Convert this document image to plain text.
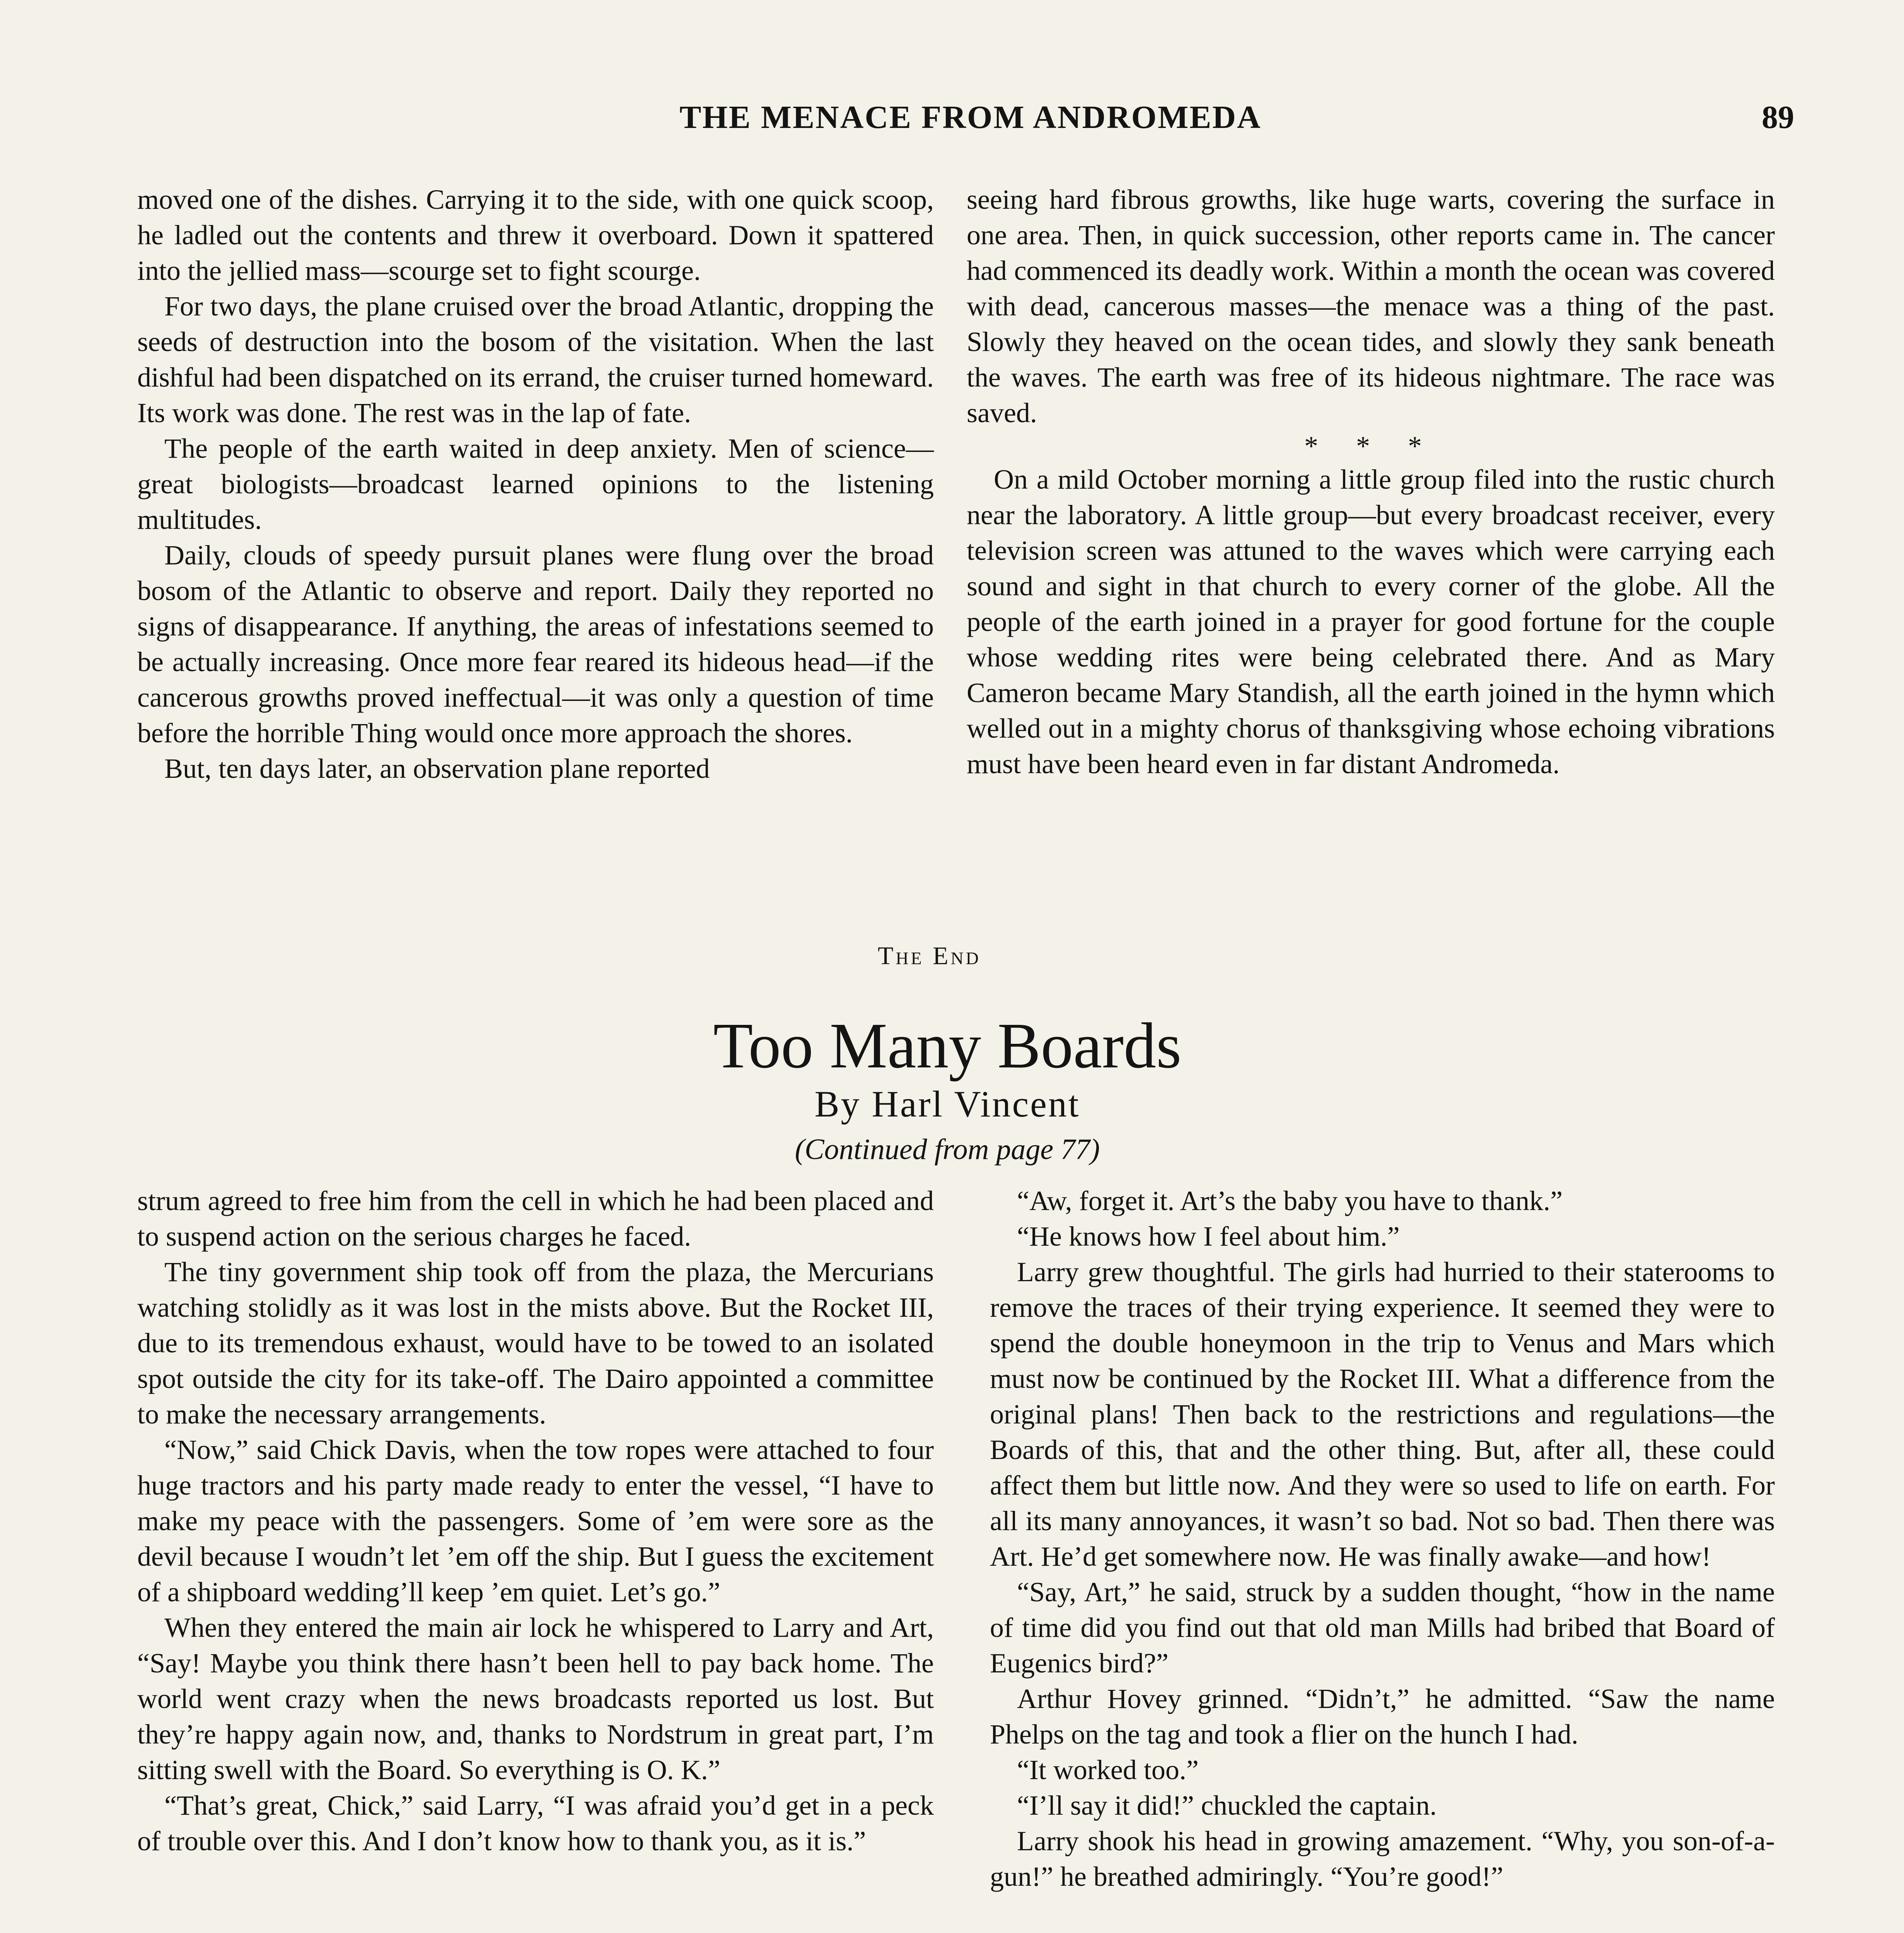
THE MENACE FROM ANDROMEDA	89

moved one of the dishes. Carrying it to the side, with one quick scoop, he ladled out the contents and threw it overboard. Down it spattered into the jellied mass—scourge set to fight scourge.

For two days, the plane cruised over the broad Atlantic, dropping the seeds of destruction into the bosom of the visitation. When the last dishful had been dispatched on its errand, the cruiser turned homeward. Its work was done. The rest was in the lap of fate.

The people of the earth waited in deep anxiety. Men of science—great biologists—broadcast learned opinions to the listening multitudes.

Daily, clouds of speedy pursuit planes were flung over the broad bosom of the Atlantic to observe and report. Daily they reported no signs of disappearance. If anything, the areas of infestations seemed to be actually increasing. Once more fear reared its hideous head—if the cancerous growths proved ineffectual—it was only a question of time before the horrible Thing would once more approach the shores.

But, ten days later, an observation plane reported

seeing hard fibrous growths, like huge warts, covering the surface in one area. Then, in quick succession, other reports came in. The cancer had commenced its deadly work. Within a month the ocean was covered with dead, cancerous masses—the menace was a thing of the past. Slowly they heaved on the ocean tides, and slowly they sank beneath the waves. The earth was free of its hideous nightmare. The race was saved.

* * *

On a mild October morning a little group filed into the rustic church near the laboratory. A little group—but every broadcast receiver, every television screen was attuned to the waves which were carrying each sound and sight in that church to every corner of the globe. All the people of the earth joined in a prayer for good fortune for the couple whose wedding rites were being celebrated there. And as Mary Cameron became Mary Standish, all the earth joined in the hymn which welled out in a mighty chorus of thanksgiving whose echoing vibrations must have been heard even in far distant Andromeda.

The End
Too Many Boards
By Harl Vincent
(Continued from page 77)

strum agreed to free him from the cell in which he had been placed and to suspend action on the serious charges he faced.

The tiny government ship took off from the plaza, the Mercurians watching stolidly as it was lost in the mists above. But the Rocket III, due to its tremendous exhaust, would have to be towed to an isolated spot outside the city for its take-off. The Dairo appointed a committee to make the necessary arrangements.

“Now,” said Chick Davis, when the tow ropes were attached to four huge tractors and his party made ready to enter the vessel, “I have to make my peace with the passengers. Some of ’em were sore as the devil because I woudn’t let ’em off the ship. But I guess the excitement of a shipboard wedding’ll keep ’em quiet. Let’s go.”

When they entered the main air lock he whispered to Larry and Art, “Say! Maybe you think there hasn’t been hell to pay back home. The world went crazy when the news broadcasts reported us lost. But they’re happy again now, and, thanks to Nordstrum in great part, I’m sitting swell with the Board. So everything is O. K.”

“That’s great, Chick,” said Larry, “I was afraid you’d get in a peck of trouble over this. And I don’t know how to thank you, as it is.”

“Aw, forget it. Art’s the baby you have to thank.”

“He knows how I feel about him.”

Larry grew thoughtful. The girls had hurried to their staterooms to remove the traces of their trying experience. It seemed they were to spend the double honeymoon in the trip to Venus and Mars which must now be continued by the Rocket III. What a difference from the original plans! Then back to the restrictions and regulations—the Boards of this, that and the other thing. But, after all, these could affect them but little now. And they were so used to life on earth. For all its many annoyances, it wasn’t so bad. Not so bad. Then there was Art. He’d get somewhere now. He was finally awake—and how!

“Say, Art,” he said, struck by a sudden thought, “how in the name of time did you find out that old man Mills had bribed that Board of Eugenics bird?”

Arthur Hovey grinned. “Didn’t,” he admitted. “Saw the name Phelps on the tag and took a flier on the hunch I had.

“It worked too.”

“I’ll say it did!” chuckled the captain.

Larry shook his head in growing amazement. “Why, you son-of-a-gun!” he breathed admiringly. “You’re good!”
